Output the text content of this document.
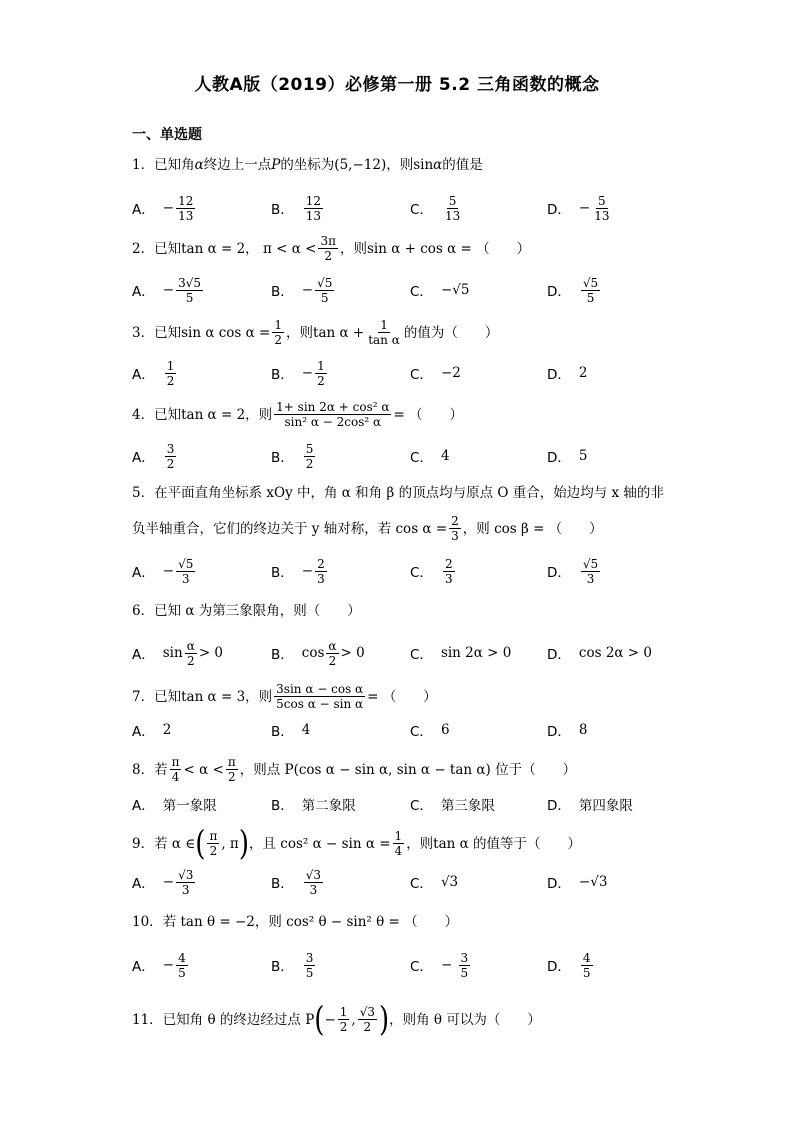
人教A版（2019）必修第一册 5.2 三角函数的概念
一、单选题
1．已知角α终边上一点P的坐标为(5,−12)，则sinα的值是
A． − $\frac{12}{13}$	B． $\frac{12}{13}$	C． $\frac{5}{13}$	D． − $\frac{5}{13}$
2． 已知tan
α = 2，
$\pi < \alpha < \frac{3\pi}{2}$ ，则sin α + cos α = （　　）
A． − $\frac{3√5}{5}$	B． − $\frac{√5}{5}$	C． −√5	D． $\frac{√5}{5}$
3． 已知sin α $\cos \alpha = \frac{1}{2}$ ，则$\tan \alpha + \frac{1}{\text{tan α}}$ 的值为（　　）
A． $\frac{1}{2}$	B． − $\frac{1}{2}$	C． −2	D． 2
4． 已知tan α = 2，则 $\frac{\text{1+ sin 2α + cos² α}}{\text{sin² α − 2cos² α}}$ = （　　）
A． $\frac{3}{2}$	B． $\frac{5}{2}$	C． 4	D． 5
5．在平面直角坐标系 xOy 中，角 α 和角 β 的顶点均与原点 O 重合，始边均与 x 轴的非
负半轴重合，它们的终边关于 y 轴对称，若 $\cos \alpha = \frac{2}{3}$ ，则 cos β = （　　）
A． − $\frac{√5}{3}$	B． − $\frac{2}{3}$	C． $\frac{2}{3}$	D． $\frac{√5}{3}$
6．已知 α 为第三象限角，则（　　）
A． $\sin \frac{\alpha}{2} > 0$	B． $\cos \frac{\alpha}{2} > 0$	C． sin 2α > 0	D． cos 2α > 0
7． 已知tan α = 3，则 $\frac{\text{3sin α − cos α}}{\text{5cos α − sin α}}$ = （　　）
A． 2	B． 4	C． 6	D． 8
8． 若 $\frac{\pi}{4} < \alpha < \frac{\pi}{2}$ ，则点 P(cos α − sin α, sin α − tan α) 位于（　　）
A． 第一象限	B． 第二象限	C． 第三象限	D． 第四象限
9． 若 α ∈ ( $\frac{\pi}{2}$ , π ) ，且 cos² $\alpha - \sin \alpha = \frac{1}{4}$ ，则tan α 的值等于（　　）
A． − $\frac{√3}{3}$	B． $\frac{√3}{3}$	C． √3	D． −√3
10．若 tan θ = −2，则 cos² θ − sin² θ = （　　）
A． − $\frac{4}{5}$	B． $\frac{3}{5}$	C． −
$\frac{3}{5}$	D． $\frac{4}{5}$
11． 已知角 θ 的终边经过点 P ( − $\frac{1}{2}$ , $\frac{√3}{2}$ ) ，则角 θ 可以为（　　）
